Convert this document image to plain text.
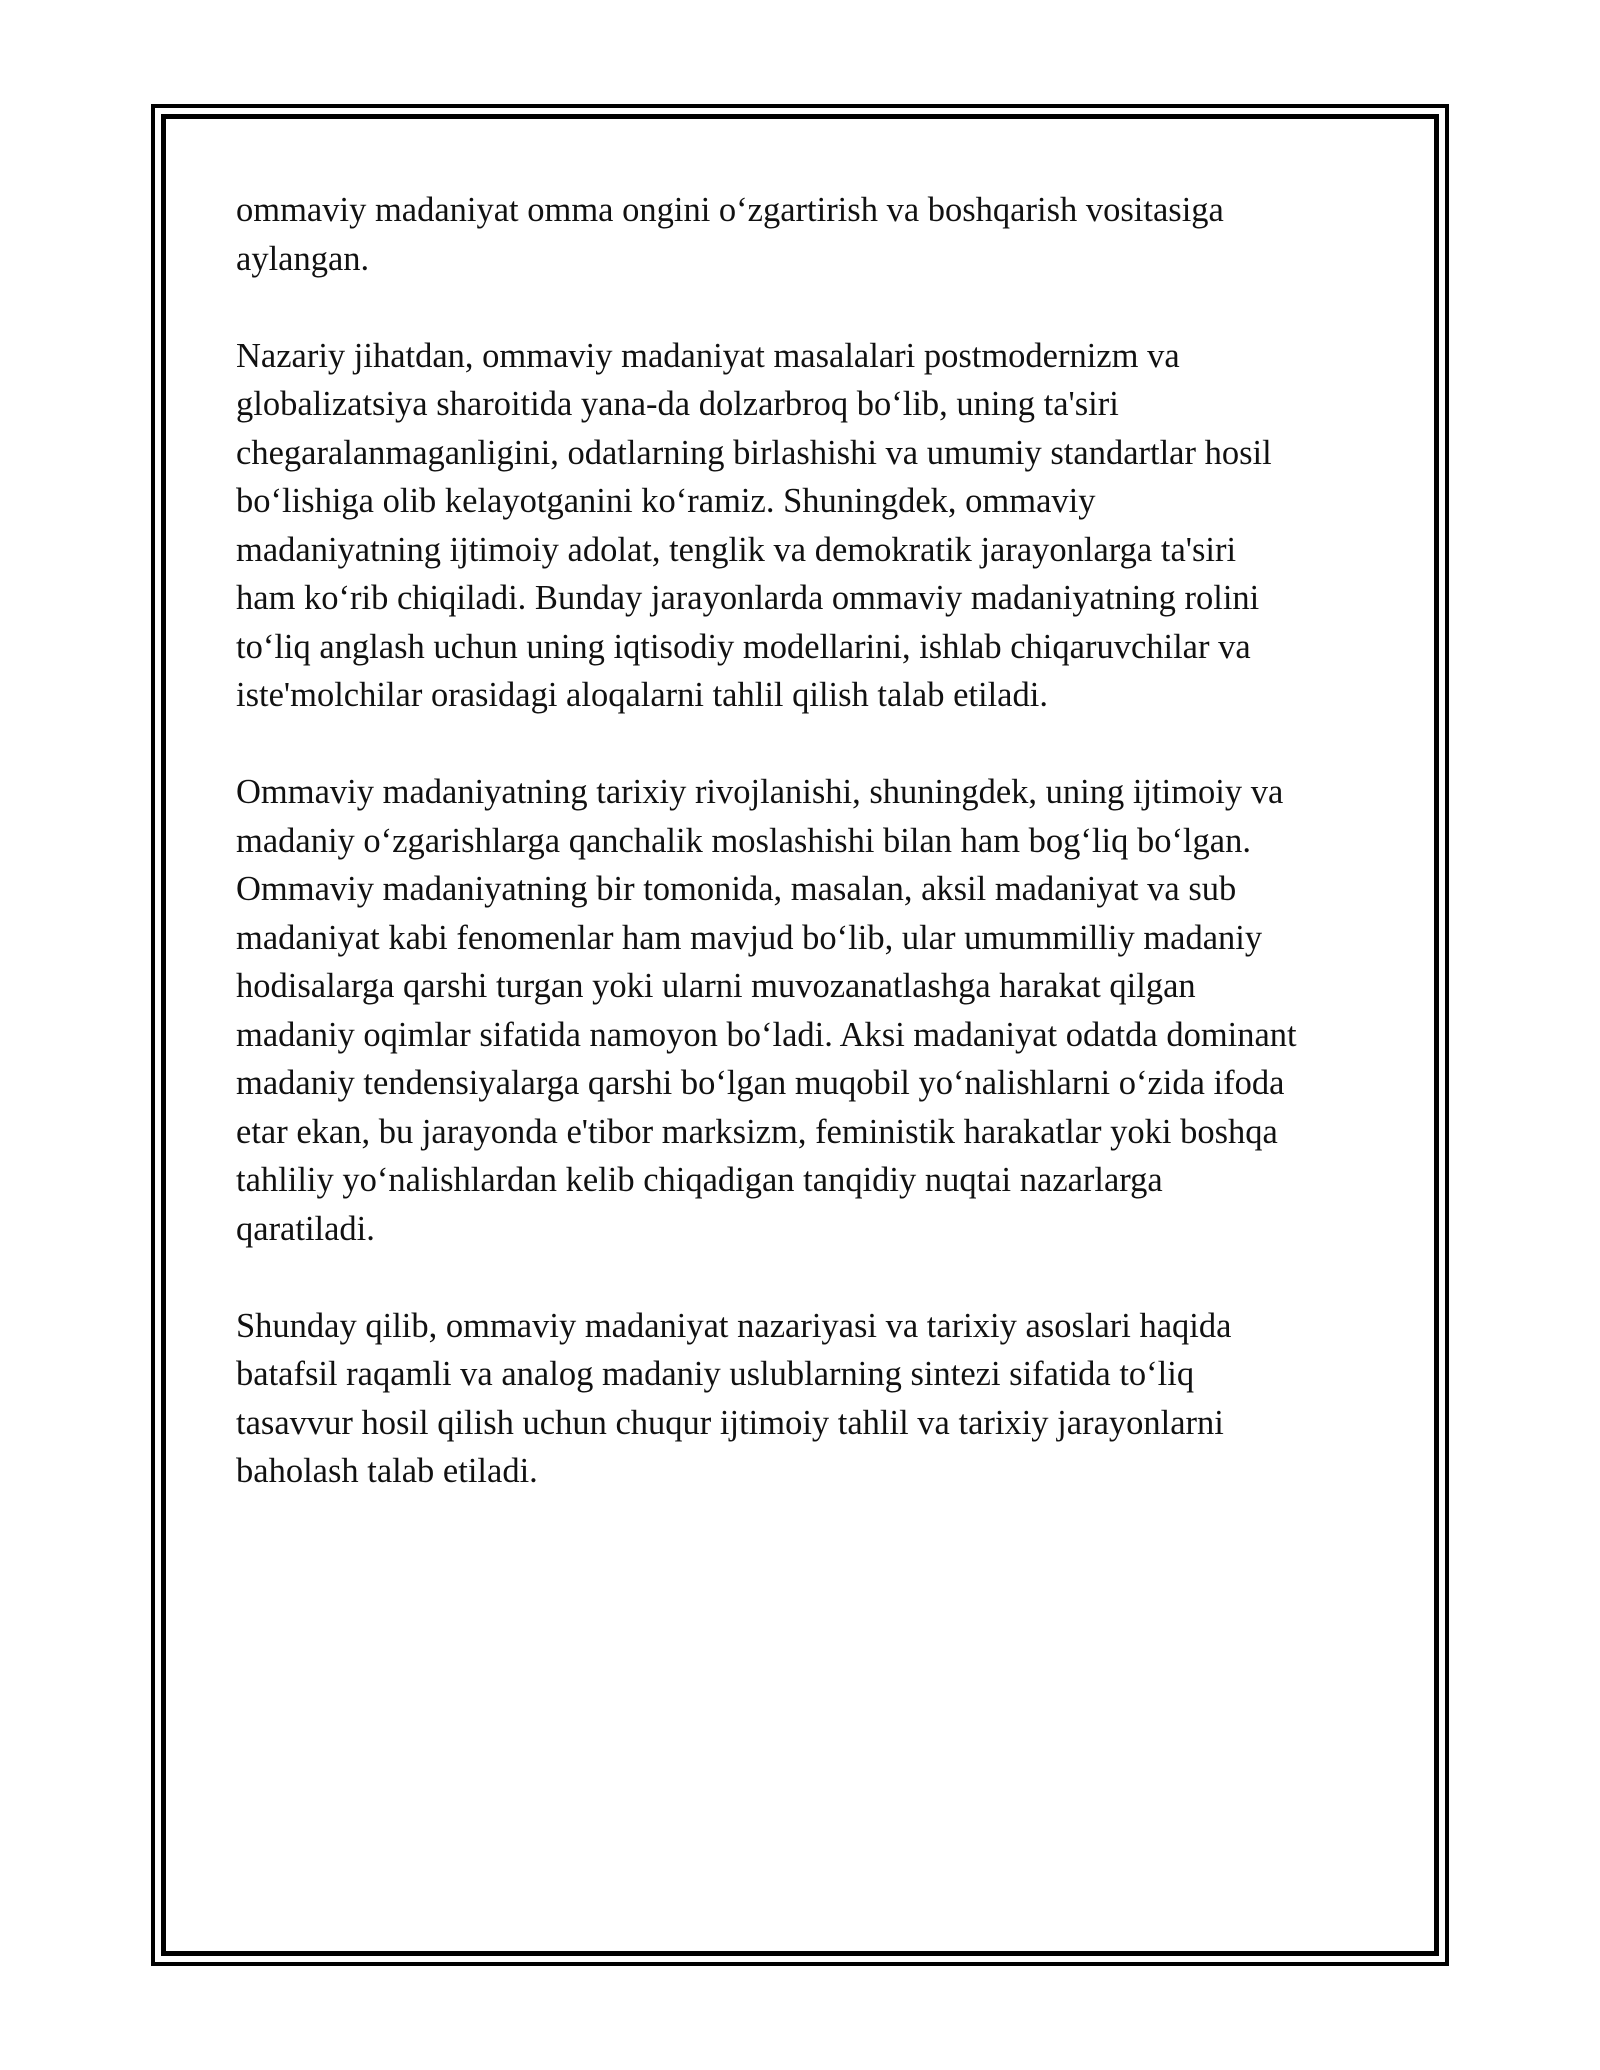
ommaviy madaniyat omma ongini oʻzgartirish va boshqarish vositasiga
aylangan.

Nazariy jihatdan, ommaviy madaniyat masalalari postmodernizm va
globalizatsiya sharoitida yana-da dolzarbroq boʻlib, uning ta'siri
chegaralanmaganligini, odatlarning birlashishi va umumiy standartlar hosil
boʻlishiga olib kelayotganini koʻramiz. Shuningdek, ommaviy
madaniyatning ijtimoiy adolat, tenglik va demokratik jarayonlarga ta'siri
ham koʻrib chiqiladi. Bunday jarayonlarda ommaviy madaniyatning rolini
toʻliq anglash uchun uning iqtisodiy modellarini, ishlab chiqaruvchilar va
iste'molchilar orasidagi aloqalarni tahlil qilish talab etiladi.

Ommaviy madaniyatning tarixiy rivojlanishi, shuningdek, uning ijtimoiy va
madaniy oʻzgarishlarga qanchalik moslashishi bilan ham bogʻliq boʻlgan.
Ommaviy madaniyatning bir tomonida, masalan, aksil madaniyat va sub
madaniyat kabi fenomenlar ham mavjud boʻlib, ular umummilliy madaniy
hodisalarga qarshi turgan yoki ularni muvozanatlashga harakat qilgan
madaniy oqimlar sifatida namoyon boʻladi. Aksi madaniyat odatda dominant
madaniy tendensiyalarga qarshi boʻlgan muqobil yoʻnalishlarni oʻzida ifoda
etar ekan, bu jarayonda e'tibor marksizm, feministik harakatlar yoki boshqa
tahliliy yoʻnalishlardan kelib chiqadigan tanqidiy nuqtai nazarlarga
qaratiladi.

Shunday qilib, ommaviy madaniyat nazariyasi va tarixiy asoslari haqida
batafsil raqamli va analog madaniy uslublarning sintezi sifatida toʻliq
tasavvur hosil qilish uchun chuqur ijtimoiy tahlil va tarixiy jarayonlarni
baholash talab etiladi.
